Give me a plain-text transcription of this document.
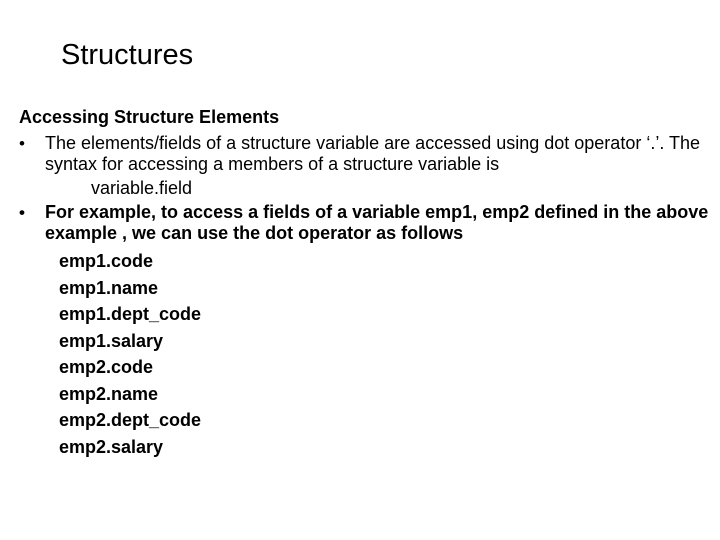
Structures
Accessing Structure Elements
• The elements/fields of a structure variable are accessed using dot operator ‘.’. The syntax for accessing a members of a structure variable is
variable.field
• For example, to access a fields of a variable emp1, emp2 defined in the above example , we can use the dot operator as follows
emp1.code
emp1.name
emp1.dept_code
emp1.salary
emp2.code
emp2.name
emp2.dept_code
emp2.salary
